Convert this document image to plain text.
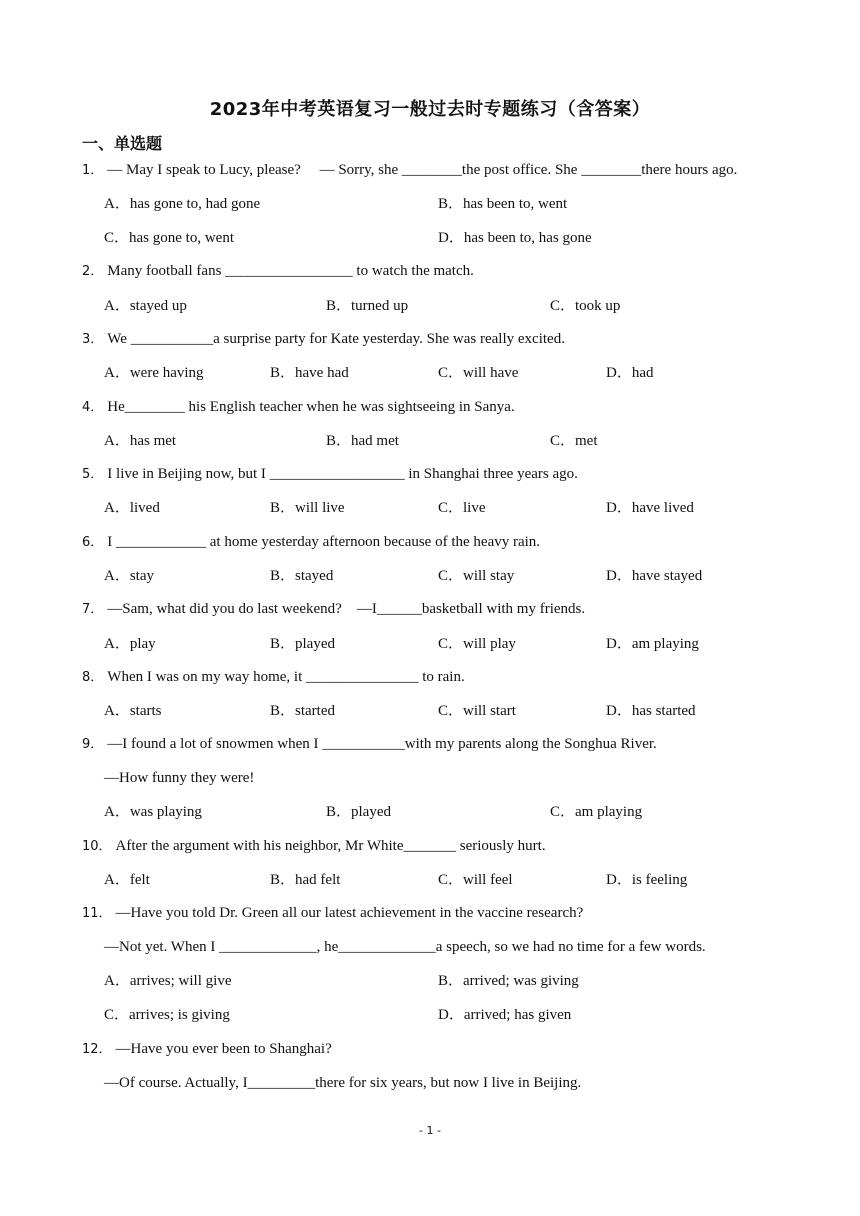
2023年中考英语复习一般过去时专题练习（含答案）
一、单选题
1． — May I speak to Lucy, please?　 — Sorry, she ________the post office. She ________there hours ago.
A．has gone to, had gone	B．has been to, went
C．has gone to, went	D．has been to, has gone
2． Many football fans _________________ to watch the match.
A．stayed up	B．turned up	C．took up
3． We ___________a surprise party for Kate yesterday. She was really excited.
A．were having	B．have had	C．will have	D．had
4． He________ his English teacher when he was sightseeing in Sanya.
A．has met	B．had met	C．met
5． I live in Beijing now, but I __________________ in Shanghai three years ago.
A．lived	B．will live	C．live	D．have lived
6． I ____________ at home yesterday afternoon because of the heavy rain.
A．stay	B．stayed	C．will stay	D．have stayed
7． —Sam, what did you do last weekend?　—I______basketball with my friends.
A．play	B．played	C．will play	D．am playing
8． When I was on my way home, it _______________ to rain.
A．starts	B．started	C．will start	D．has started
9． —I found a lot of snowmen when I ___________with my parents along the Songhua River.
—How funny they were!
A．was playing	B．played	C．am playing
10． After the argument with his neighbor, Mr White_______ seriously hurt.
A．felt	B．had felt	C．will feel	D．is feeling
11． —Have you told Dr. Green all our latest achievement in the vaccine research?
—Not yet. When I _____________, he_____________a speech, so we had no time for a few words.
A．arrives; will give	B．arrived; was giving
C．arrives; is giving	D．arrived; has given
12． —Have you ever been to Shanghai?
—Of course. Actually, I_________there for six years, but now I live in Beijing.
- 1 -
